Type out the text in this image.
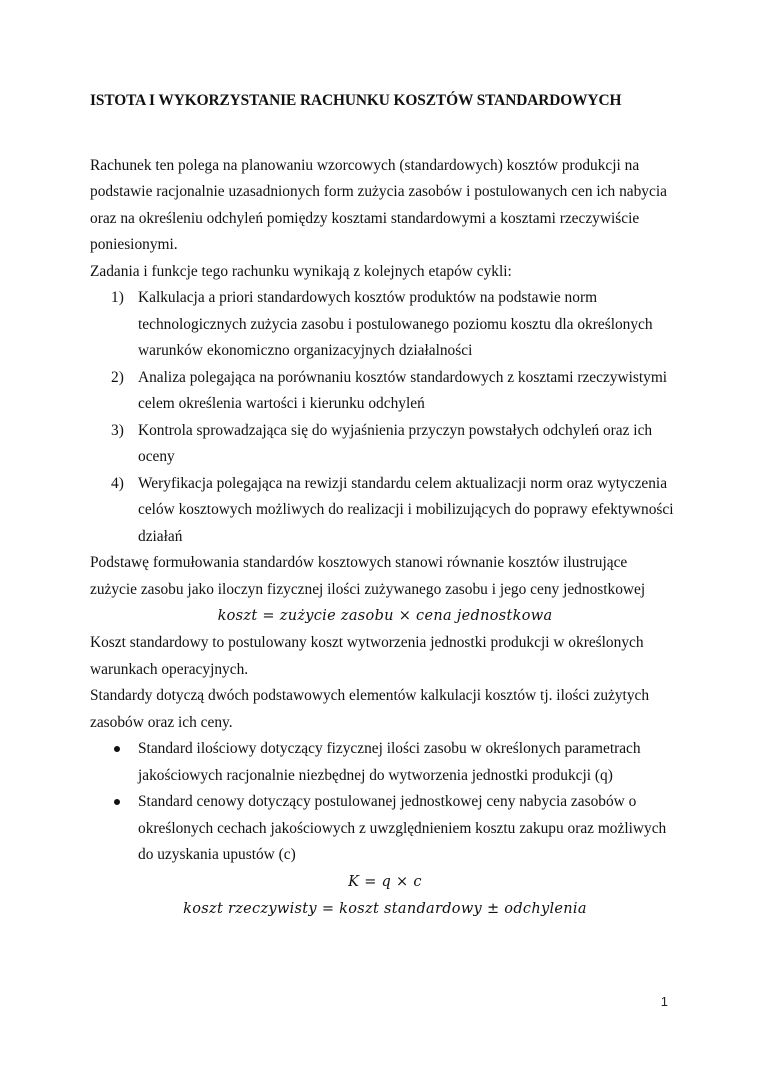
ISTOTA I WYKORZYSTANIE RACHUNKU KOSZTÓW STANDARDOWYCH

Rachunek ten polega na planowaniu wzorcowych (standardowych) kosztów produkcji na

podstawie racjonalnie uzasadnionych form zużycia zasobów i postulowanych cen ich nabycia

oraz na określeniu odchyleń pomiędzy kosztami standardowymi a kosztami rzeczywiście

poniesionymi.

Zadania i funkcje tego rachunku wynikają z kolejnych etapów cykli:

1) Kalkulacja a priori standardowych kosztów produktów na podstawie norm
technologicznych zużycia zasobu i postulowanego poziomu kosztu dla określonych
warunków ekonomiczno organizacyjnych działalności
2) Analiza polegająca na porównaniu kosztów standardowych z kosztami rzeczywistymi
celem określenia wartości i kierunku odchyleń
3) Kontrola sprowadzająca się do wyjaśnienia przyczyn powstałych odchyleń oraz ich
oceny
4) Weryfikacja polegająca na rewizji standardu celem aktualizacji norm oraz wytyczenia
celów kosztowych możliwych do realizacji i mobilizujących do poprawy efektywności
działań

Podstawę formułowania standardów kosztowych stanowi równanie kosztów ilustrujące

zużycie zasobu jako iloczyn fizycznej ilości zużywanego zasobu i jego ceny jednostkowej

koszt = zużycie zasobu × cena jednostkowa

Koszt standardowy to postulowany koszt wytworzenia jednostki produkcji w określonych

warunkach operacyjnych.

Standardy dotyczą dwóch podstawowych elementów kalkulacji kosztów tj. ilości zużytych

zasobów oraz ich ceny.

Standard ilościowy dotyczący fizycznej ilości zasobu w określonych parametrach
jakościowych racjonalnie niezbędnej do wytworzenia jednostki produkcji (q)
Standard cenowy dotyczący postulowanej jednostkowej ceny nabycia zasobów o
określonych cechach jakościowych z uwzględnieniem kosztu zakupu oraz możliwych
do uzyskania upustów (c)

K = q × c

koszt rzeczywisty = koszt standardowy ± odchylenia

1
